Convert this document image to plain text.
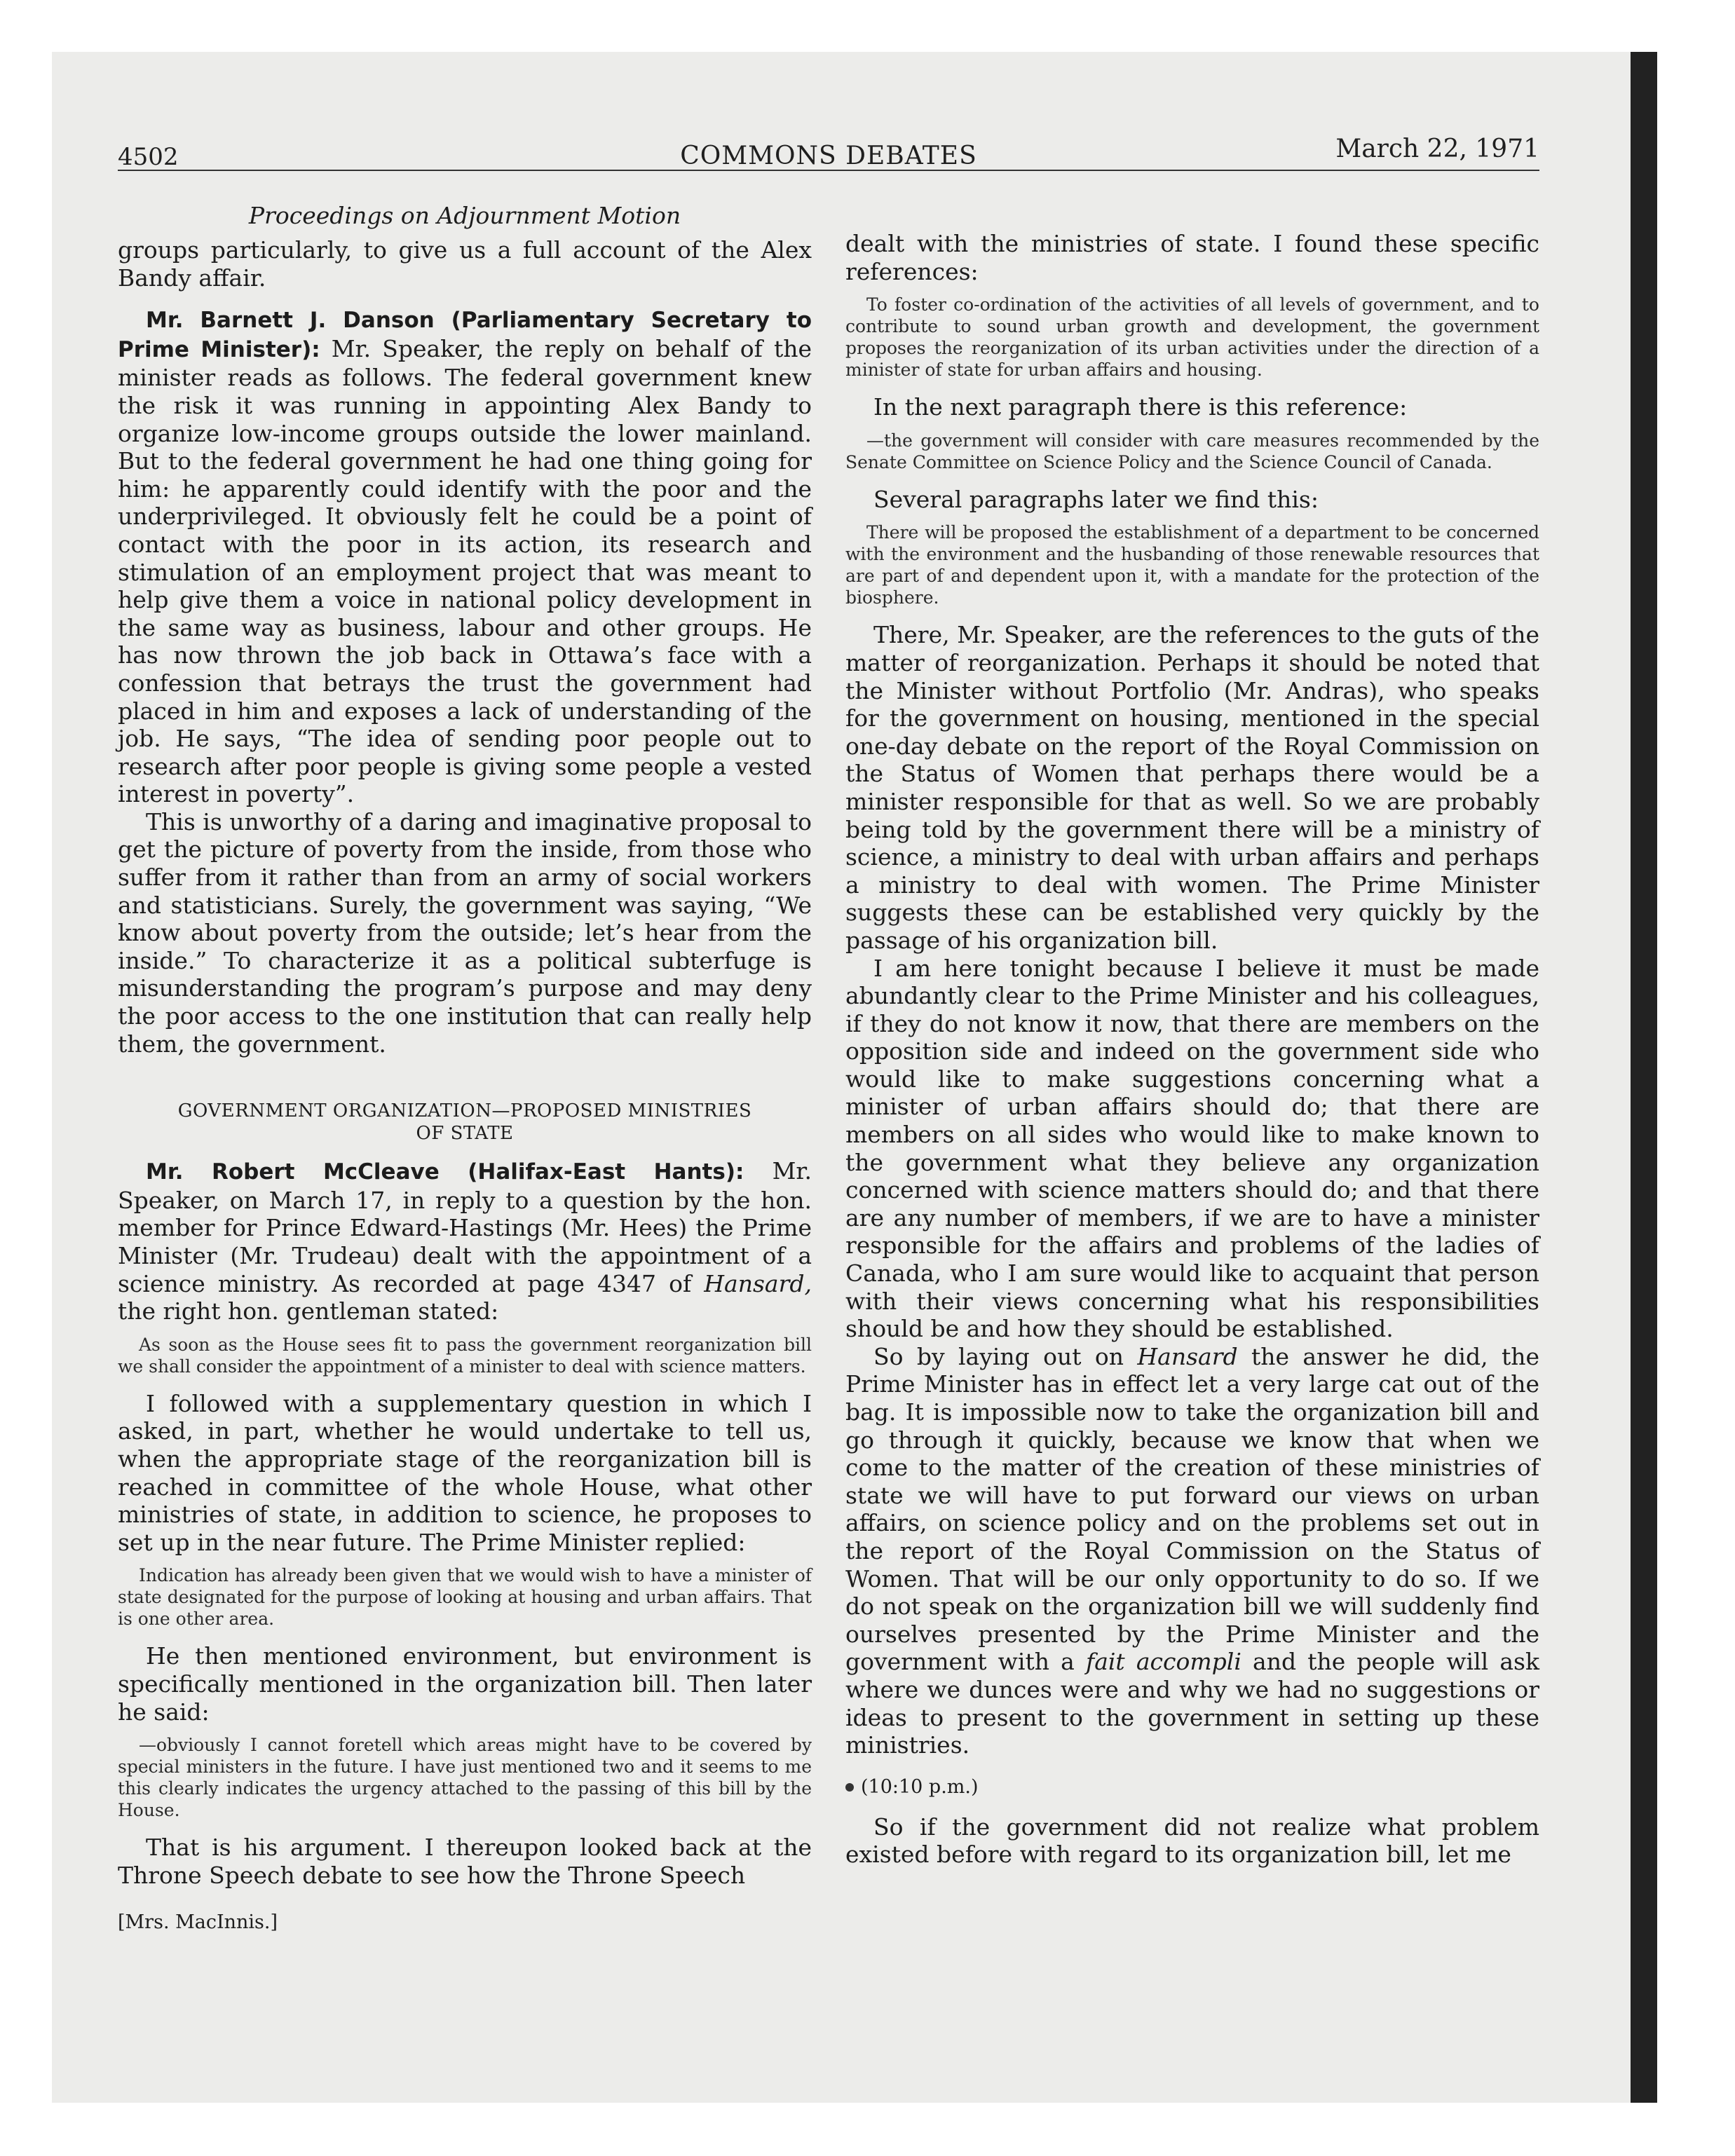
4502	COMMONS DEBATES	March 22, 1971
Proceedings on Adjournment Motion

groups particularly, to give us a full account of the Alex Bandy affair.

Mr. Barnett J. Danson (Parliamentary Secretary to Prime Minister): Mr. Speaker, the reply on behalf of the minister reads as follows. The federal government knew the risk it was running in appointing Alex Bandy to organize low-income groups outside the lower mainland. But to the federal government he had one thing going for him: he apparently could identify with the poor and the underprivileged. It obviously felt he could be a point of contact with the poor in its action, its research and stimulation of an employment project that was meant to help give them a voice in national policy development in the same way as business, labour and other groups. He has now thrown the job back in Ottawa’s face with a confession that betrays the trust the government had placed in him and exposes a lack of understanding of the job. He says, “The idea of sending poor people out to research after poor people is giving some people a vested interest in poverty”.

This is unworthy of a daring and imaginative proposal to get the picture of poverty from the inside, from those who suffer from it rather than from an army of social workers and statisticians. Surely, the government was saying, “We know about poverty from the outside; let’s hear from the inside.” To characterize it as a political subterfuge is misunderstanding the program’s purpose and may deny the poor access to the one institution that can really help them, the government.

GOVERNMENT ORGANIZATION—PROPOSED MINISTRIES
OF STATE

Mr. Robert McCleave (Halifax-East Hants): Mr. Speaker, on March 17, in reply to a question by the hon. member for Prince Edward-Hastings (Mr. Hees) the Prime Minister (Mr. Trudeau) dealt with the appointment of a science ministry. As recorded at page 4347 of Hansard, the right hon. gentleman stated:

As soon as the House sees fit to pass the government reorganization bill we shall consider the appointment of a minister to deal with science matters.

I followed with a supplementary question in which I asked, in part, whether he would undertake to tell us, when the appropriate stage of the reorganization bill is reached in committee of the whole House, what other ministries of state, in addition to science, he proposes to set up in the near future. The Prime Minister replied:

Indication has already been given that we would wish to have a minister of state designated for the purpose of looking at housing and urban affairs. That is one other area.

He then mentioned environment, but environment is specifically mentioned in the organization bill. Then later he said:

—obviously I cannot foretell which areas might have to be covered by special ministers in the future. I have just mentioned two and it seems to me this clearly indicates the urgency attached to the passing of this bill by the House.

That is his argument. I thereupon looked back at the Throne Speech debate to see how the Throne Speech

[Mrs. MacInnis.]

dealt with the ministries of state. I found these specific references:

To foster co-ordination of the activities of all levels of government, and to contribute to sound urban growth and development, the government proposes the reorganization of its urban activities under the direction of a minister of state for urban affairs and housing.

In the next paragraph there is this reference:

—the government will consider with care measures recommended by the Senate Committee on Science Policy and the Science Council of Canada.

Several paragraphs later we find this:

There will be proposed the establishment of a department to be concerned with the environment and the husbanding of those renewable resources that are part of and dependent upon it, with a mandate for the protection of the biosphere.

There, Mr. Speaker, are the references to the guts of the matter of reorganization. Perhaps it should be noted that the Minister without Portfolio (Mr. Andras), who speaks for the government on housing, mentioned in the special one-day debate on the report of the Royal Commission on the Status of Women that perhaps there would be a minister responsible for that as well. So we are probably being told by the government there will be a ministry of science, a ministry to deal with urban affairs and perhaps a ministry to deal with women. The Prime Minister suggests these can be established very quickly by the passage of his organization bill.

I am here tonight because I believe it must be made abundantly clear to the Prime Minister and his colleagues, if they do not know it now, that there are members on the opposition side and indeed on the government side who would like to make suggestions concerning what a minister of urban affairs should do; that there are members on all sides who would like to make known to the government what they believe any organization concerned with science matters should do; and that there are any number of members, if we are to have a minister responsible for the affairs and problems of the ladies of Canada, who I am sure would like to acquaint that person with their views concerning what his responsibilities should be and how they should be established.

So by laying out on Hansard the answer he did, the Prime Minister has in effect let a very large cat out of the bag. It is impossible now to take the organization bill and go through it quickly, because we know that when we come to the matter of the creation of these ministries of state we will have to put forward our views on urban affairs, on science policy and on the problems set out in the report of the Royal Commission on the Status of Women. That will be our only opportunity to do so. If we do not speak on the organization bill we will suddenly find ourselves presented by the Prime Minister and the government with a fait accompli and the people will ask where we dunces were and why we had no suggestions or ideas to present to the government in setting up these ministries.

(10:10 p.m.)

So if the government did not realize what problem existed before with regard to its organization bill, let me
